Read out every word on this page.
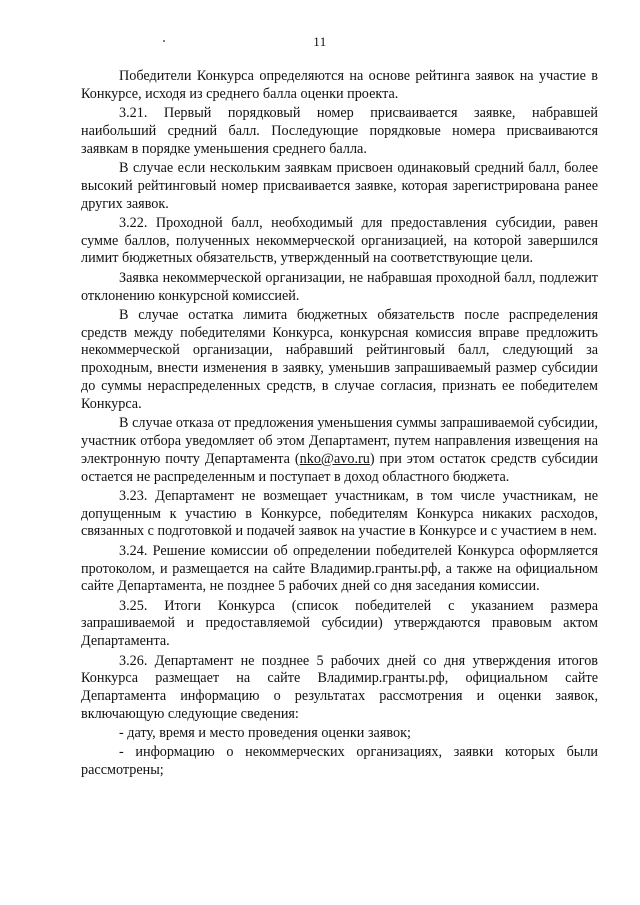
11

Победители Конкурса определяются на основе рейтинга заявок на участие в Конкурсе, исходя из среднего балла оценки проекта.

3.21. Первый порядковый номер присваивается заявке, набравшей наибольший средний балл. Последующие порядковые номера присваиваются заявкам в порядке уменьшения среднего балла.

В случае если нескольким заявкам присвоен одинаковый средний балл, более высокий рейтинговый номер присваивается заявке, которая зарегистрирована ранее других заявок.

3.22. Проходной балл, необходимый для предоставления субсидии, равен сумме баллов, полученных некоммерческой организацией, на которой завершился лимит бюджетных обязательств, утвержденный на соответствующие цели.

Заявка некоммерческой организации, не набравшая проходной балл, подлежит отклонению конкурсной комиссией.

В случае остатка лимита бюджетных обязательств после распределения средств между победителями Конкурса, конкурсная комиссия вправе предложить некоммерческой организации, набравший рейтинговый балл, следующий за проходным, внести изменения в заявку, уменьшив запрашиваемый размер субсидии до суммы нераспределенных средств, в случае согласия, признать ее победителем Конкурса.

В случае отказа от предложения уменьшения суммы запрашиваемой субсидии, участник отбора уведомляет об этом Департамент, путем направления извещения на электронную почту Департамента (nko@avo.ru) при этом остаток средств субсидии остается не распределенным и поступает в доход областного бюджета.

3.23. Департамент не возмещает участникам, в том числе участникам, не допущенным к участию в Конкурсе, победителям Конкурса никаких расходов, связанных с подготовкой и подачей заявок на участие в Конкурсе и с участием в нем.

3.24. Решение комиссии об определении победителей Конкурса оформляется протоколом, и размещается на сайте Владимир.гранты.рф, а также на официальном сайте Департамента, не позднее 5 рабочих дней со дня заседания комиссии.

3.25. Итоги Конкурса (список победителей с указанием размера запрашиваемой и предоставляемой субсидии) утверждаются правовым актом Департамента.

3.26. Департамент не позднее 5 рабочих дней со дня утверждения итогов Конкурса размещает на сайте Владимир.гранты.рф, официальном сайте Департамента информацию о результатах рассмотрения и оценки заявок, включающую следующие сведения:

- дату, время и место проведения оценки заявок;

- информацию о некоммерческих организациях, заявки которых были рассмотрены;
